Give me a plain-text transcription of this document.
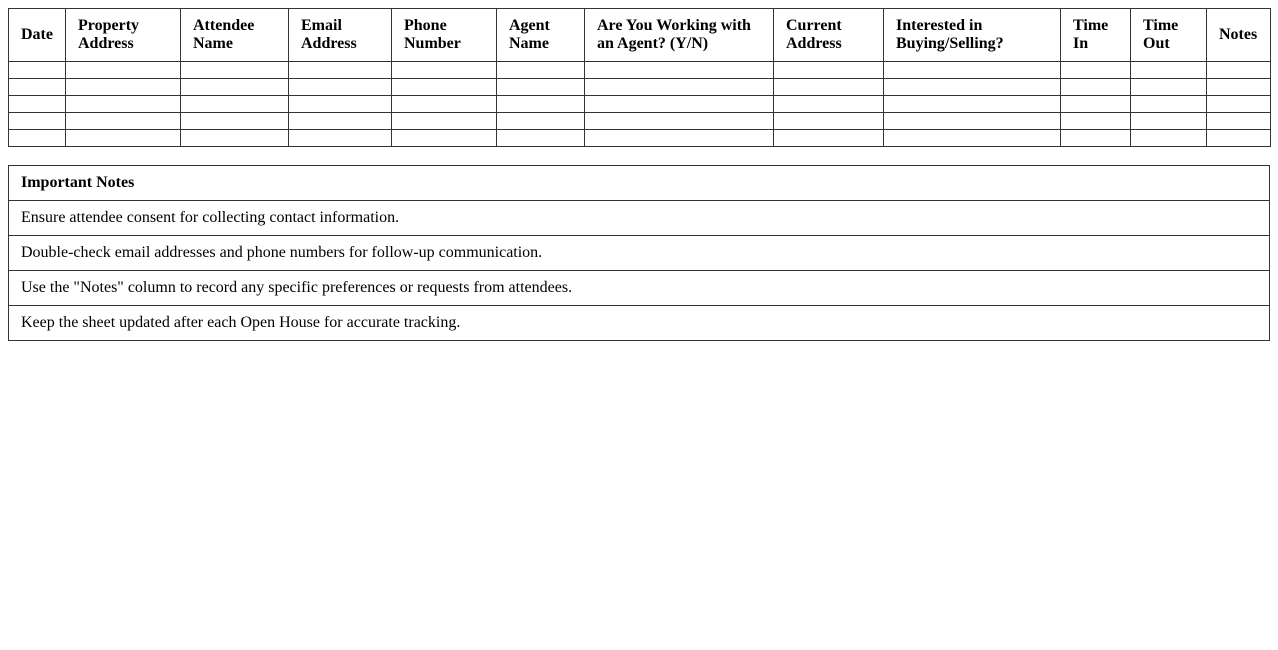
Date	Property Address	Attendee Name	Email Address	Phone Number	Agent Name	Are You Working with an Agent? (Y/N)	Current Address	Interested in Buying/Selling?	Time In	Time Out	Notes

Important Notes
Ensure attendee consent for collecting contact information.
Double-check email addresses and phone numbers for follow-up communication.
Use the "Notes" column to record any specific preferences or requests from attendees.
Keep the sheet updated after each Open House for accurate tracking.
